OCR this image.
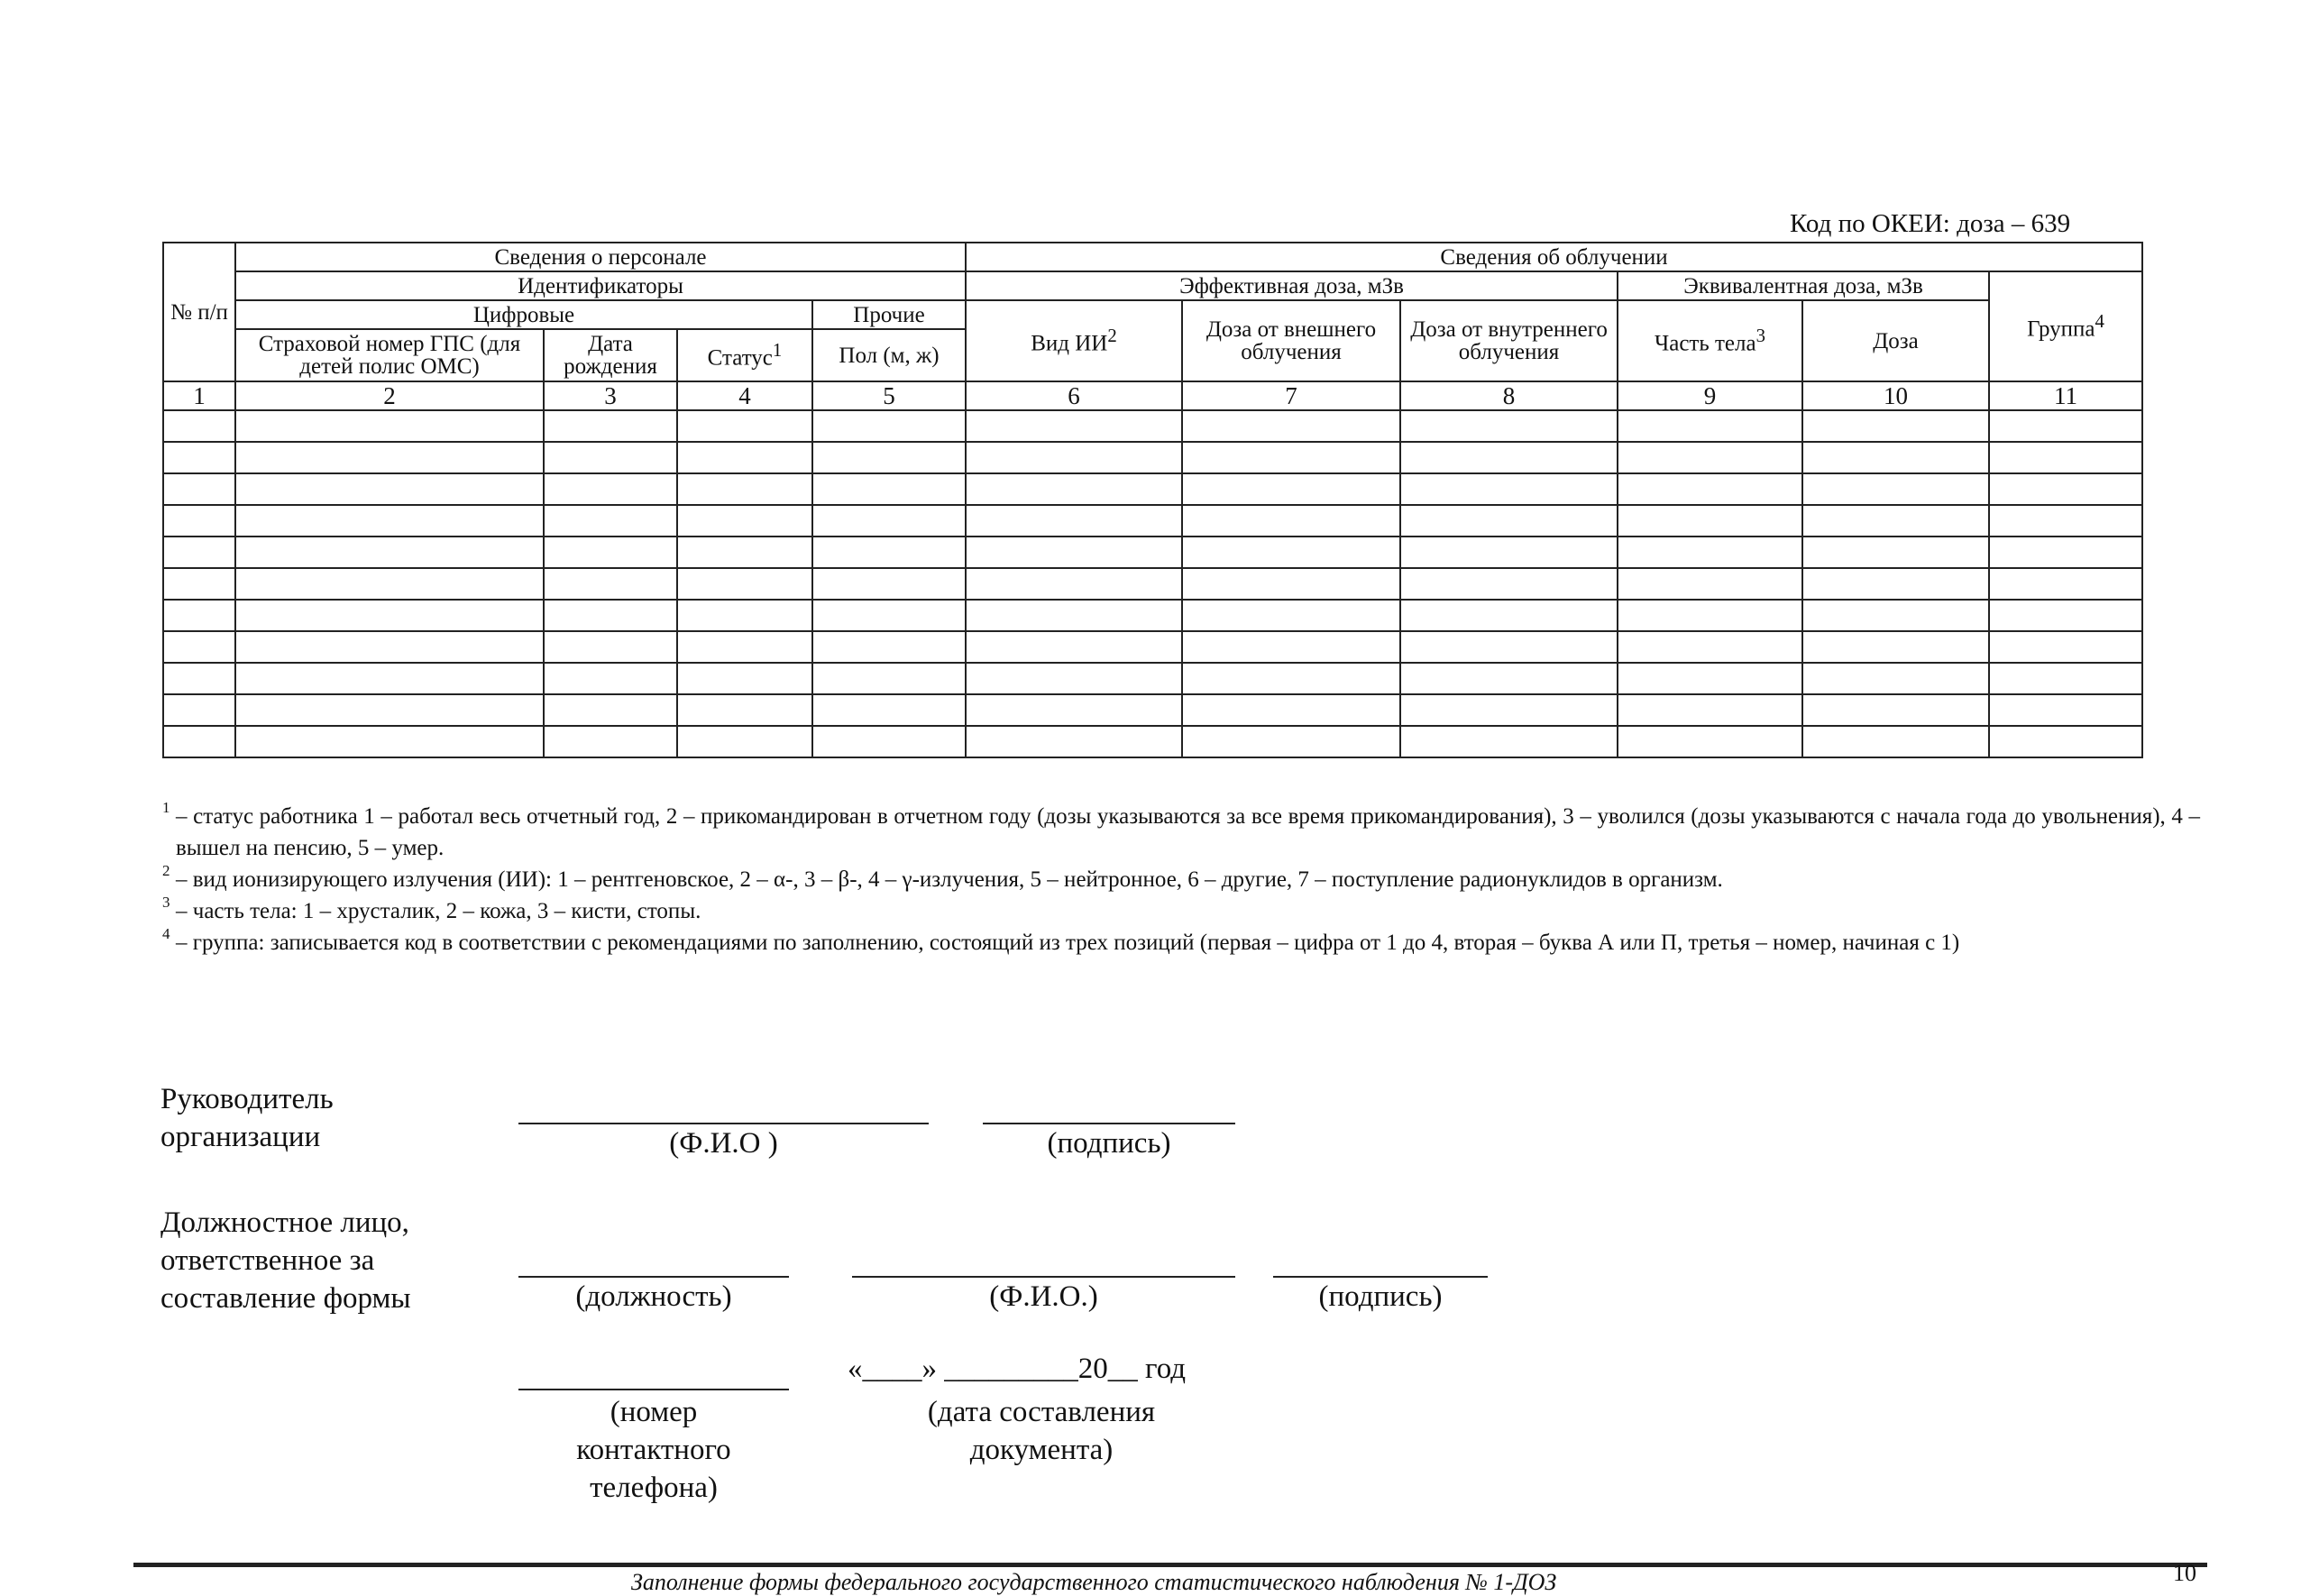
Код по ОКЕИ: доза – 639
№ п/п	Сведения о персонале				Сведения об облучении					
	Идентификаторы				Эффективная доза, мЗв			Эквивалентная доза, мЗв		Группа$^4$
	Цифровые			Прочие	Вид $ИИ^2$	Доза от внешнего облучения	Доза от внутреннего облучения	Часть тела$^3$	Доза	
	Страховой номер ГПС (для детей полис ОМС)	Дата рождения	Статус$^1$	Пол (м, ж)						
1	2	3	4	5	6	7	8	9	10	11

1 – статус работника 1 – работал весь отчетный год, 2 – прикомандирован в отчетном году (дозы указываются за все время прикомандирования), 3 – уволился (дозы указываются с начала года до увольнения), 4 – вышел на пенсию, 5 – умер.
2 – вид ионизирующего излучения (ИИ): 1 – рентгеновское, 2 – α-, 3 – β-, 4 – γ-излучения, 5 – нейтронное, 6 – другие, 7 – поступление радионуклидов в организм.
3 – часть тела: 1 – хрусталик, 2 – кожа, 3 – кисти, стопы.
4 – группа: записывается код в соответствии с рекомендациями по заполнению, состоящий из трех позиций (первая – цифра от 1 до 4, вторая – буква А или П, третья – номер, начиная с 1)
Руководитель
организации	(Ф.И.О )	(подпись)
Должностное лицо,
ответственное за
составление формы	(должность)	(Ф.И.О.)	(подпись)
(номер
контактного
телефона)
«____» _________20__ год
(дата составления
документа)
Заполнение формы федерального государственного статистического наблюдения № 1-ДОЗ	10
